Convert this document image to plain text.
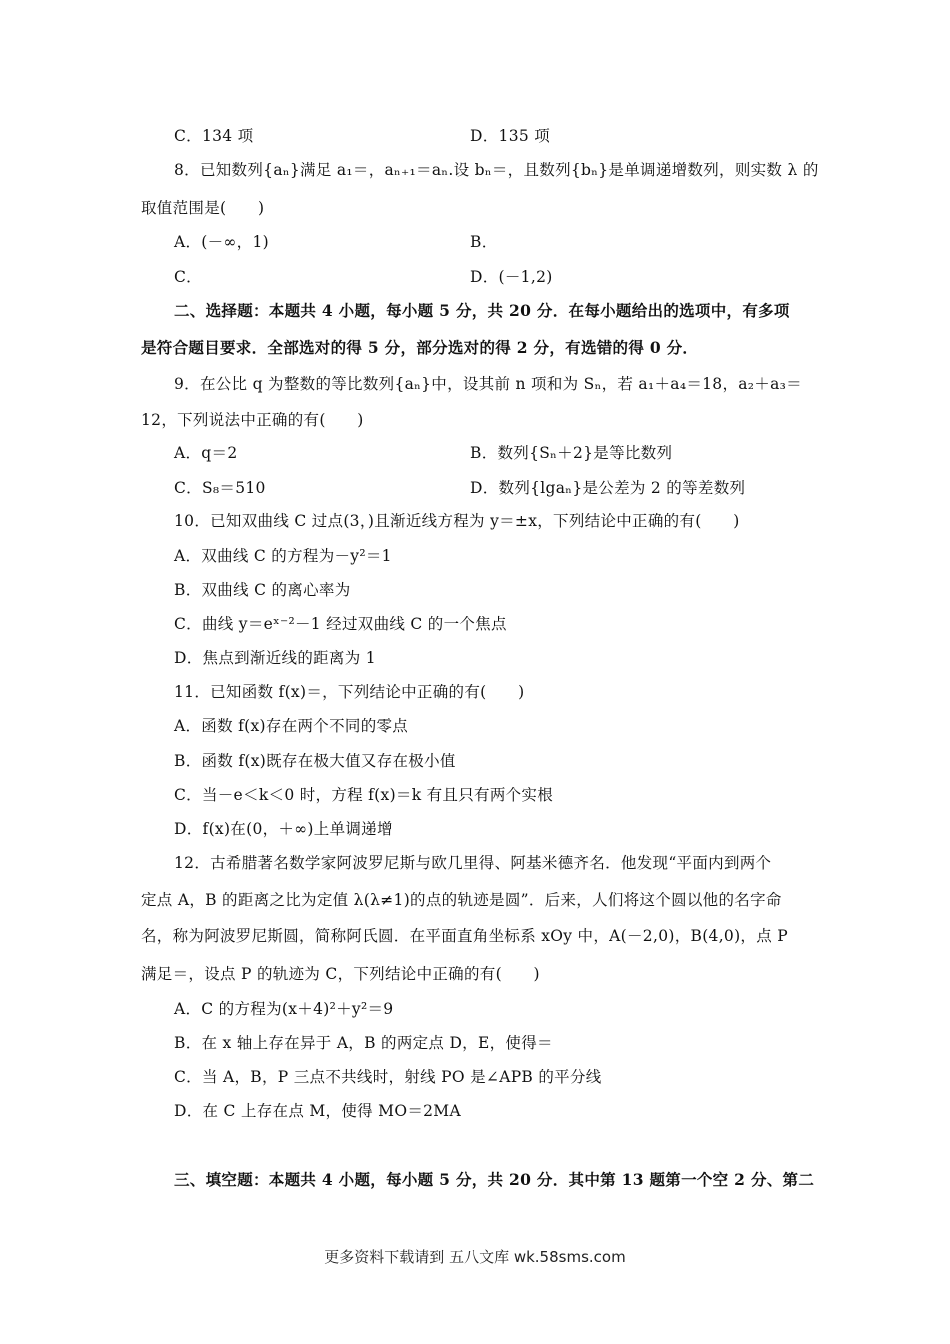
C．134 项	D．135 项
8．已知数列{aₙ}满足 a₁＝，aₙ₊₁＝aₙ.设 bₙ＝，且数列{bₙ}是单调递增数列，则实数 λ 的
取值范围是(　　)
A．(－∞，1)	B．
C．	D．(－1,2)
二、选择题：本题共 4 小题，每小题 5 分，共 20 分．在每小题给出的选项中，有多项
是符合题目要求．全部选对的得 5 分，部分选对的得 2 分，有选错的得 0 分．
9．在公比 q 为整数的等比数列{aₙ}中，设其前 n 项和为 Sₙ，若 a₁＋a₄＝18，a₂＋a₃＝
12，下列说法中正确的有(　　)
A．q＝2	B．数列{Sₙ＋2}是等比数列
C．S₈＝510	D．数列{lgaₙ}是公差为 2 的等差数列
10．已知双曲线 C 过点(3，)且渐近线方程为 y＝±x，下列结论中正确的有(　　)
A．双曲线 C 的方程为－y²＝1
B．双曲线 C 的离心率为
C．曲线 y＝eˣ⁻²－1 经过双曲线 C 的一个焦点
D．焦点到渐近线的距离为 1
11．已知函数 f(x)＝，下列结论中正确的有(　　)
A．函数 f(x)存在两个不同的零点
B．函数 f(x)既存在极大值又存在极小值
C．当－e＜k＜0 时，方程 f(x)＝k 有且只有两个实根
D．f(x)在(0，＋∞)上单调递增
12．古希腊著名数学家阿波罗尼斯与欧几里得、阿基米德齐名．他发现“平面内到两个
定点 A，B 的距离之比为定值 λ(λ≠1)的点的轨迹是圆”．后来，人们将这个圆以他的名字命
名，称为阿波罗尼斯圆，简称阿氏圆．在平面直角坐标系 xOy 中，A(－2,0)，B(4,0)，点 P
满足＝，设点 P 的轨迹为 C，下列结论中正确的有(　　)
A．C 的方程为(x＋4)²＋y²＝9
B．在 x 轴上存在异于 A，B 的两定点 D，E，使得＝
C．当 A，B，P 三点不共线时，射线 PO 是∠APB 的平分线
D．在 C 上存在点 M，使得 MO＝2MA
三、填空题：本题共 4 小题，每小题 5 分，共 20 分．其中第 13 题第一个空 2 分、第二
更多资料下载请到 五八文库 wk.58sms.com
